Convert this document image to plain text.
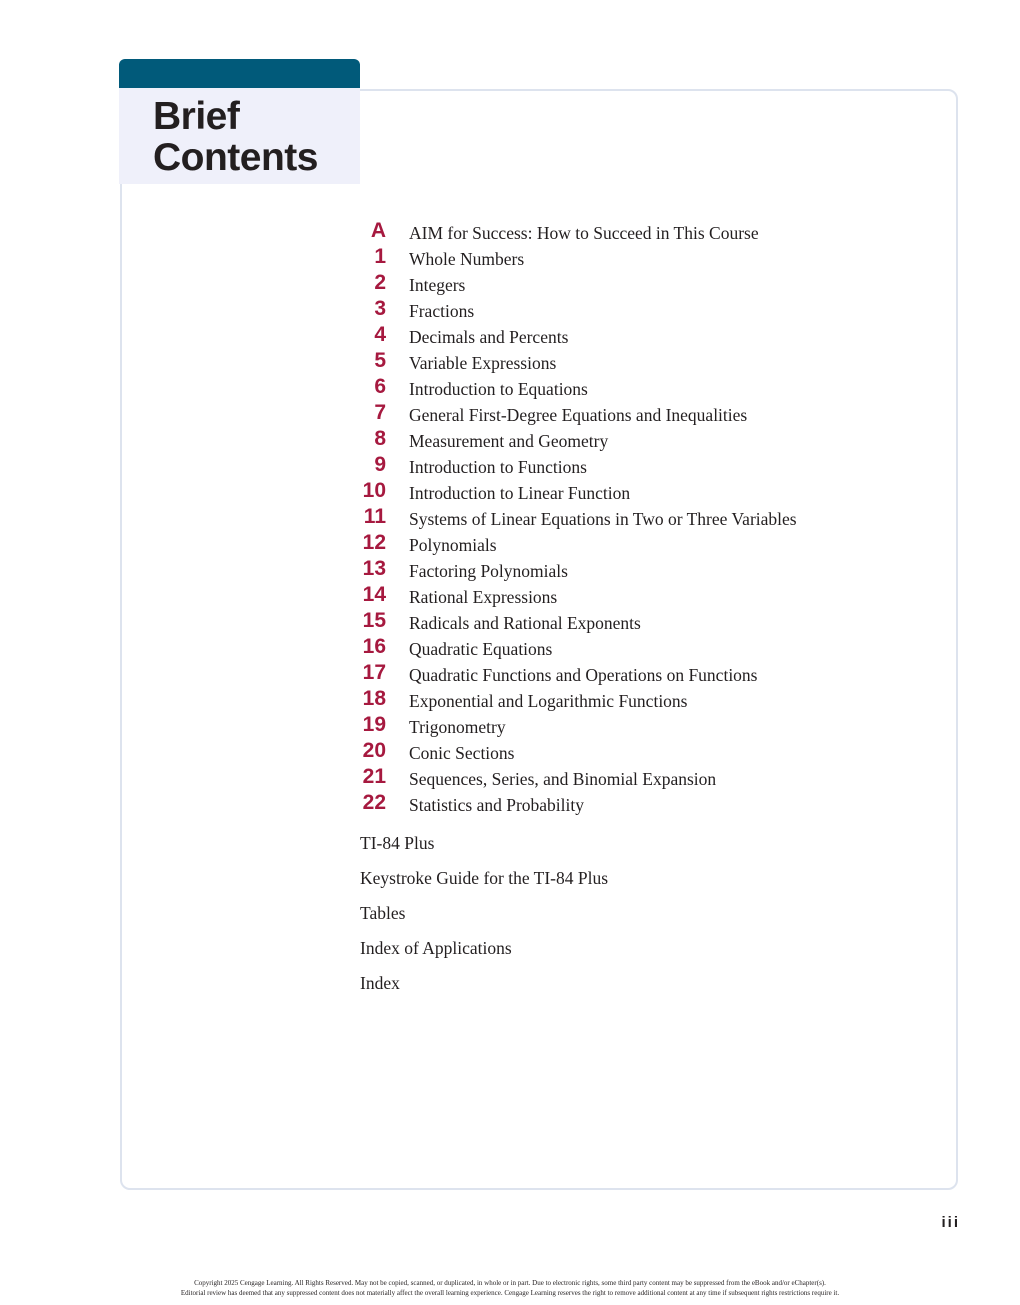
Brief
Contents
A AIM for Success: How to Succeed in This Course
1 Whole Numbers
2 Integers
3 Fractions
4 Decimals and Percents
5 Variable Expressions
6 Introduction to Equations
7 General First-Degree Equations and Inequalities
8 Measurement and Geometry
9 Introduction to Functions
10 Introduction to Linear Function
11 Systems of Linear Equations in Two or Three Variables
12 Polynomials
13 Factoring Polynomials
14 Rational Expressions
15 Radicals and Rational Exponents
16 Quadratic Equations
17 Quadratic Functions and Operations on Functions
18 Exponential and Logarithmic Functions
19 Trigonometry
20 Conic Sections
21 Sequences, Series, and Binomial Expansion
22 Statistics and Probability
TI-84 Plus
Keystroke Guide for the TI-84 Plus
Tables
Index of Applications
Index
iii
Copyright 2025 Cengage Learning. All Rights Reserved. May not be copied, scanned, or duplicated, in whole or in part. Due to electronic rights, some third party content may be suppressed from the eBook and/or eChapter(s).
Editorial review has deemed that any suppressed content does not materially affect the overall learning experience. Cengage Learning reserves the right to remove additional content at any time if subsequent rights restrictions require it.
